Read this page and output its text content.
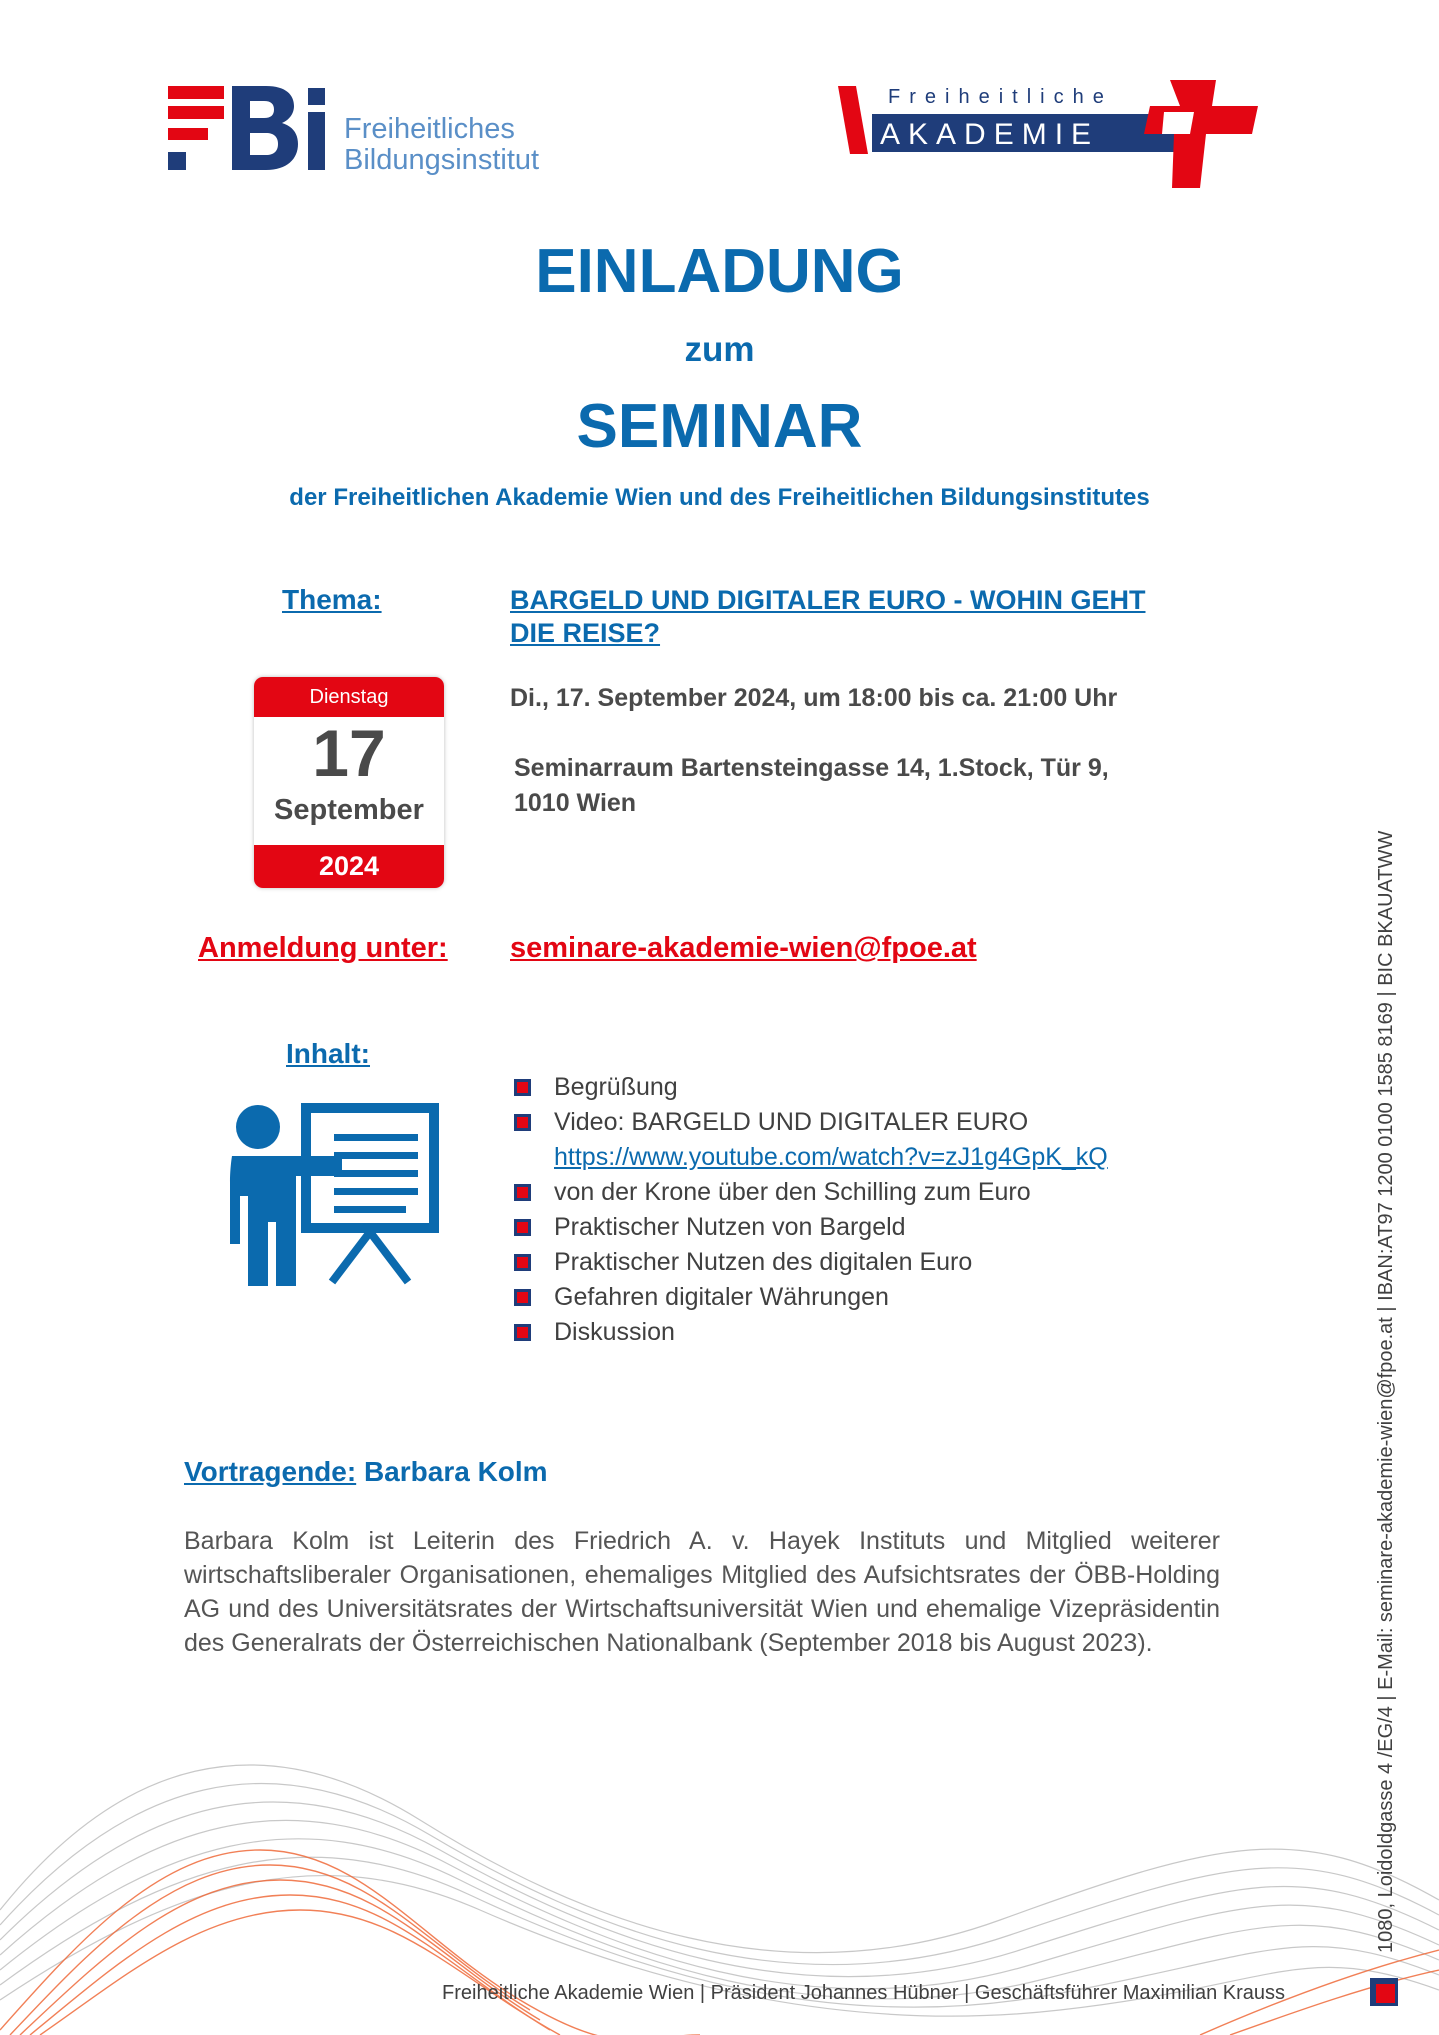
Freiheitliches
Bildungsinstitut
Freiheitliche
AKADEMIE
EINLADUNG
zum
SEMINAR
der Freiheitlichen Akademie Wien und des Freiheitlichen Bildungsinstitutes
Thema:	BARGELD UND DIGITALER EURO - WOHIN GEHT
DIE REISE?
Dienstag
17
September
2024
Di., 17. September 2024, um 18:00 bis ca. 21:00 Uhr
Seminarraum Bartensteingasse 14, 1.Stock, Tür 9,
1010 Wien
Anmeldung unter: seminare-akademie-wien@fpoe.at
Inhalt:
Begrüßung
Video: BARGELD UND DIGITALER EURO
https://www.youtube.com/watch?v=zJ1g4GpK_kQ
von der Krone über den Schilling zum Euro
Praktischer Nutzen von Bargeld
Praktischer Nutzen des digitalen Euro
Gefahren digitaler Währungen
Diskussion
Vortragende: Barbara Kolm
Barbara Kolm ist Leiterin des Friedrich A. v. Hayek Instituts und Mitglied weiterer wirtschaftsliberaler Organisationen, ehemaliges Mitglied des Aufsichtsrates der ÖBB-Holding AG und des Universitätsrates der Wirtschaftsuniversität Wien und ehemalige Vizepräsidentin des Generalrats der Österreichischen Nationalbank (September 2018 bis August 2023).
Freiheitliche Akademie Wien | Präsident Johannes Hübner | Geschäftsführer Maximilian Krauss
1080, Loidoldgasse 4 /EG/4 | E-Mail: seminare-akademie-wien@fpoe.at | IBAN:AT97 1200 0100 1585 8169 | BIC BKAUATWW
